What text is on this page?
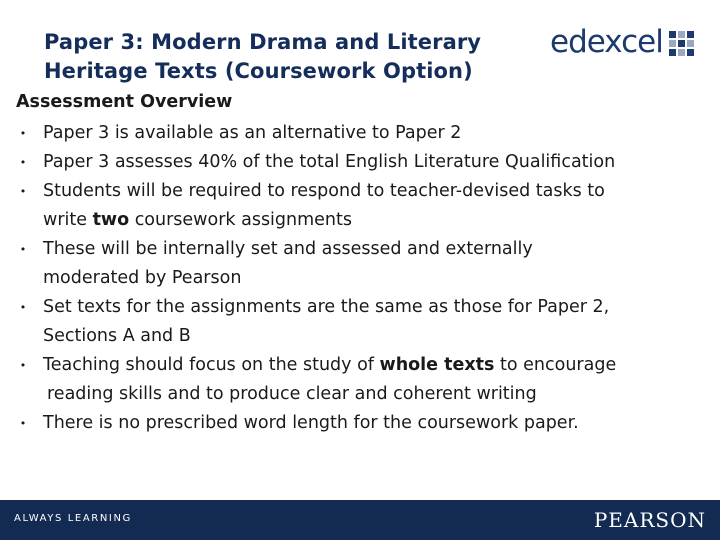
Paper 3: Modern Drama and Literary
Heritage Texts (Coursework Option)
edexcel

Assessment Overview

• Paper 3 is available as an alternative to Paper 2
• Paper 3 assesses 40% of the total English Literature Qualification
• Students will be required to respond to teacher-devised tasks to
write two coursework assignments
• These will be internally set and assessed and externally
moderated by Pearson
• Set texts for the assignments are the same as those for Paper 2,
Sections A and B
• Teaching should focus on the study of whole texts to encourage
reading skills and to produce clear and coherent writing
• There is no prescribed word length for the coursework paper.
ALWAYS LEARNING	PEARSON
